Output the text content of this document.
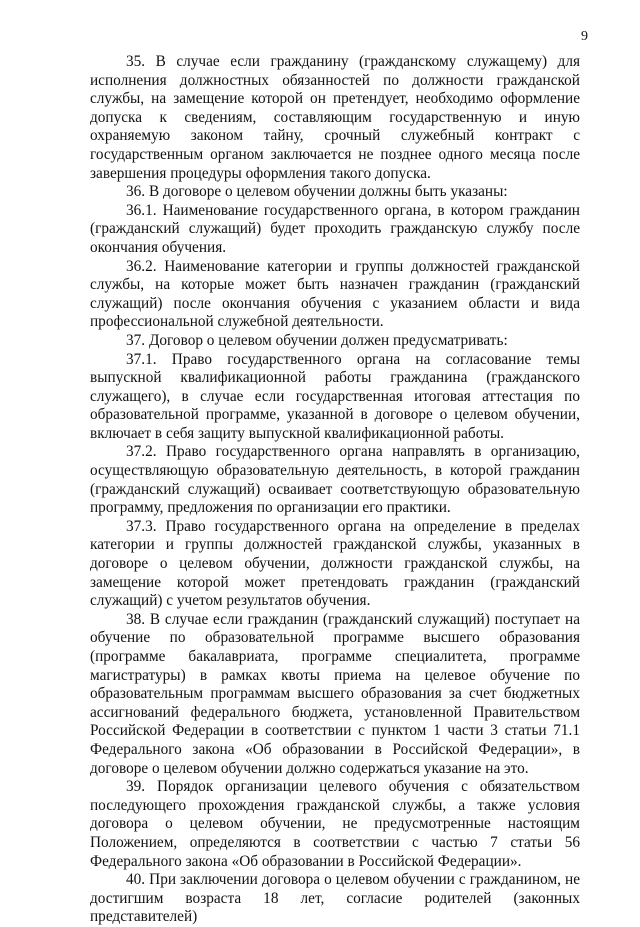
9

35. В случае если гражданину (гражданскому служащему) для исполнения должностных обязанностей по должности гражданской службы, на замещение которой он претендует, необходимо оформление допуска к сведениям, составляющим государственную и иную охраняемую законом тайну, срочный служебный контракт с государственным органом заключается не позднее одного месяца после завершения процедуры оформления такого допуска.

36. В договоре о целевом обучении должны быть указаны:

36.1. Наименование государственного органа, в котором гражданин (гражданский служащий) будет проходить гражданскую службу после окончания обучения.

36.2. Наименование категории и группы должностей гражданской службы, на которые может быть назначен гражданин (гражданский служащий) после окончания обучения с указанием области и вида профессиональной служебной деятельности.

37. Договор о целевом обучении должен предусматривать:

37.1. Право государственного органа на согласование темы выпускной квалификационной работы гражданина (гражданского служащего), в случае если государственная итоговая аттестация по образовательной программе, указанной в договоре о целевом обучении, включает в себя защиту выпускной квалификационной работы.

37.2. Право государственного органа направлять в организацию, осуществляющую образовательную деятельность, в которой гражданин (гражданский служащий) осваивает соответствующую образовательную программу, предложения по организации его практики.

37.3. Право государственного органа на определение в пределах категории и группы должностей гражданской службы, указанных в договоре о целевом обучении, должности гражданской службы, на замещение которой может претендовать гражданин (гражданский служащий) с учетом результатов обучения.

38. В случае если гражданин (гражданский служащий) поступает на обучение по образовательной программе высшего образования (программе бакалавриата, программе специалитета, программе магистратуры) в рамках квоты приема на целевое обучение по образовательным программам высшего образования за счет бюджетных ассигнований федерального бюджета, установленной Правительством Российской Федерации в соответствии с пунктом 1 части 3 статьи 71.1 Федерального закона «Об образовании в Российской Федерации», в договоре о целевом обучении должно содержаться указание на это.

39. Порядок организации целевого обучения с обязательством последующего прохождения гражданской службы, а также условия договора о целевом обучении, не предусмотренные настоящим Положением, определяются в соответствии с частью 7 статьи 56 Федерального закона «Об образовании в Российской Федерации».

40. При заключении договора о целевом обучении с гражданином, не достигшим возраста 18 лет, согласие родителей (законных представителей)
